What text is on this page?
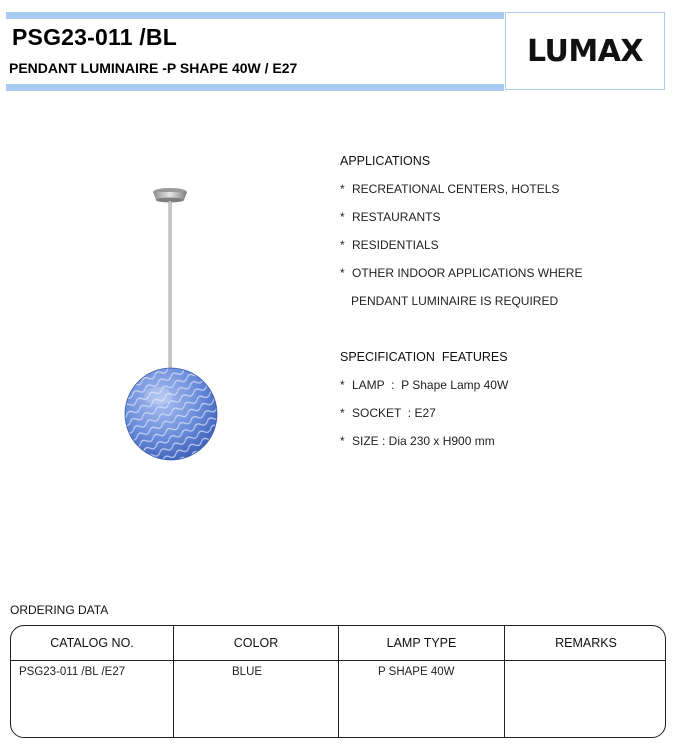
PSG23-011 /BL
PENDANT LUMINAIRE -P SHAPE 40W / E27	LUMAX
APPLICATIONS
* RECREATIONAL CENTERS, HOTELS
* RESTAURANTS
* RESIDENTIALS
* OTHER INDOOR APPLICATIONS WHERE
PENDANT LUMINAIRE IS REQUIRED
SPECIFICATION  FEATURES
* LAMP  :  P Shape Lamp 40W
* SOCKET  : E27
* SIZE : Dia 230 x H900 mm
ORDERING DATA
CATALOG NO.	COLOR	LAMP TYPE	REMARKS
PSG23-011 /BL /E27	BLUE	P SHAPE 40W
